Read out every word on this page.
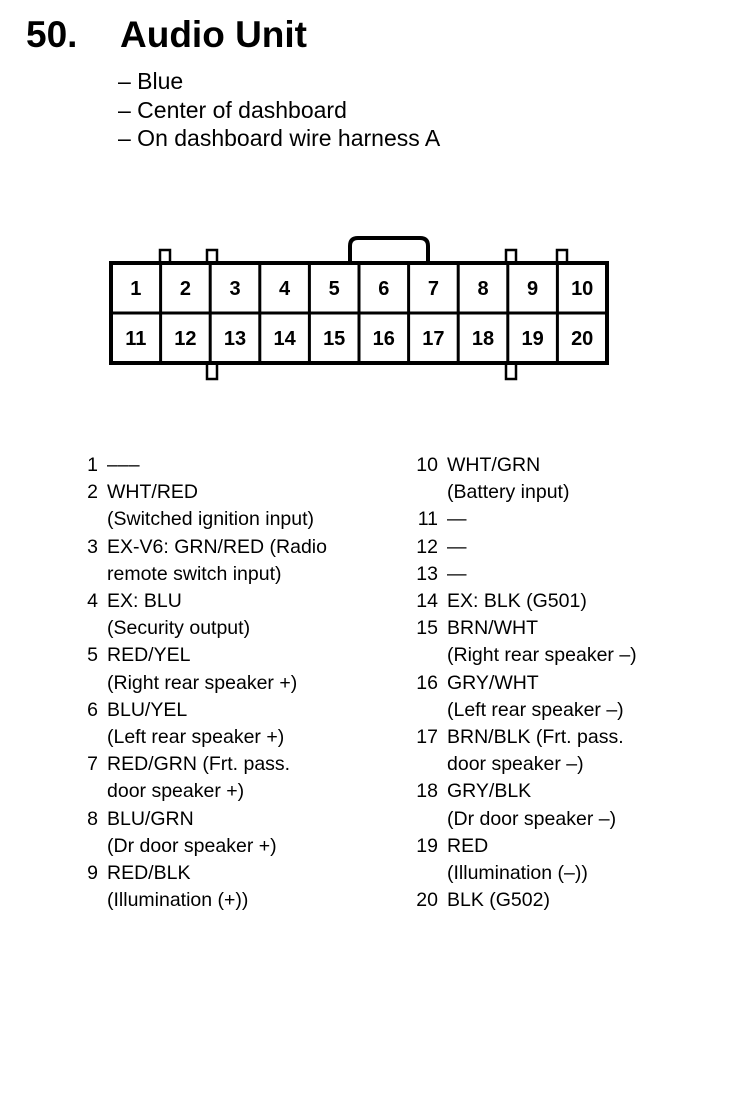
50. Audio Unit
– Blue
– Center of dashboard
– On dashboard wire harness A
1 2 3 4 5 6 7 8 9 10
11 12 13 14 15 16 17 18 19 20
1 –––
2 WHT/RED
(Switched ignition input)
3 EX-V6: GRN/RED (Radio
remote switch input)
4 EX: BLU
(Security output)
5 RED/YEL
(Right rear speaker +)
6 BLU/YEL
(Left rear speaker +)
7 RED/GRN (Frt. pass.
door speaker +)
8 BLU/GRN
(Dr door speaker +)
9 RED/BLK
(Illumination (+))
10 WHT/GRN
(Battery input)
11 —
12 —
13 —
14 EX: BLK (G501)
15 BRN/WHT
(Right rear speaker –)
16 GRY/WHT
(Left rear speaker –)
17 BRN/BLK (Frt. pass.
door speaker –)
18 GRY/BLK
(Dr door speaker –)
19 RED
(Illumination (–))
20 BLK (G502)
